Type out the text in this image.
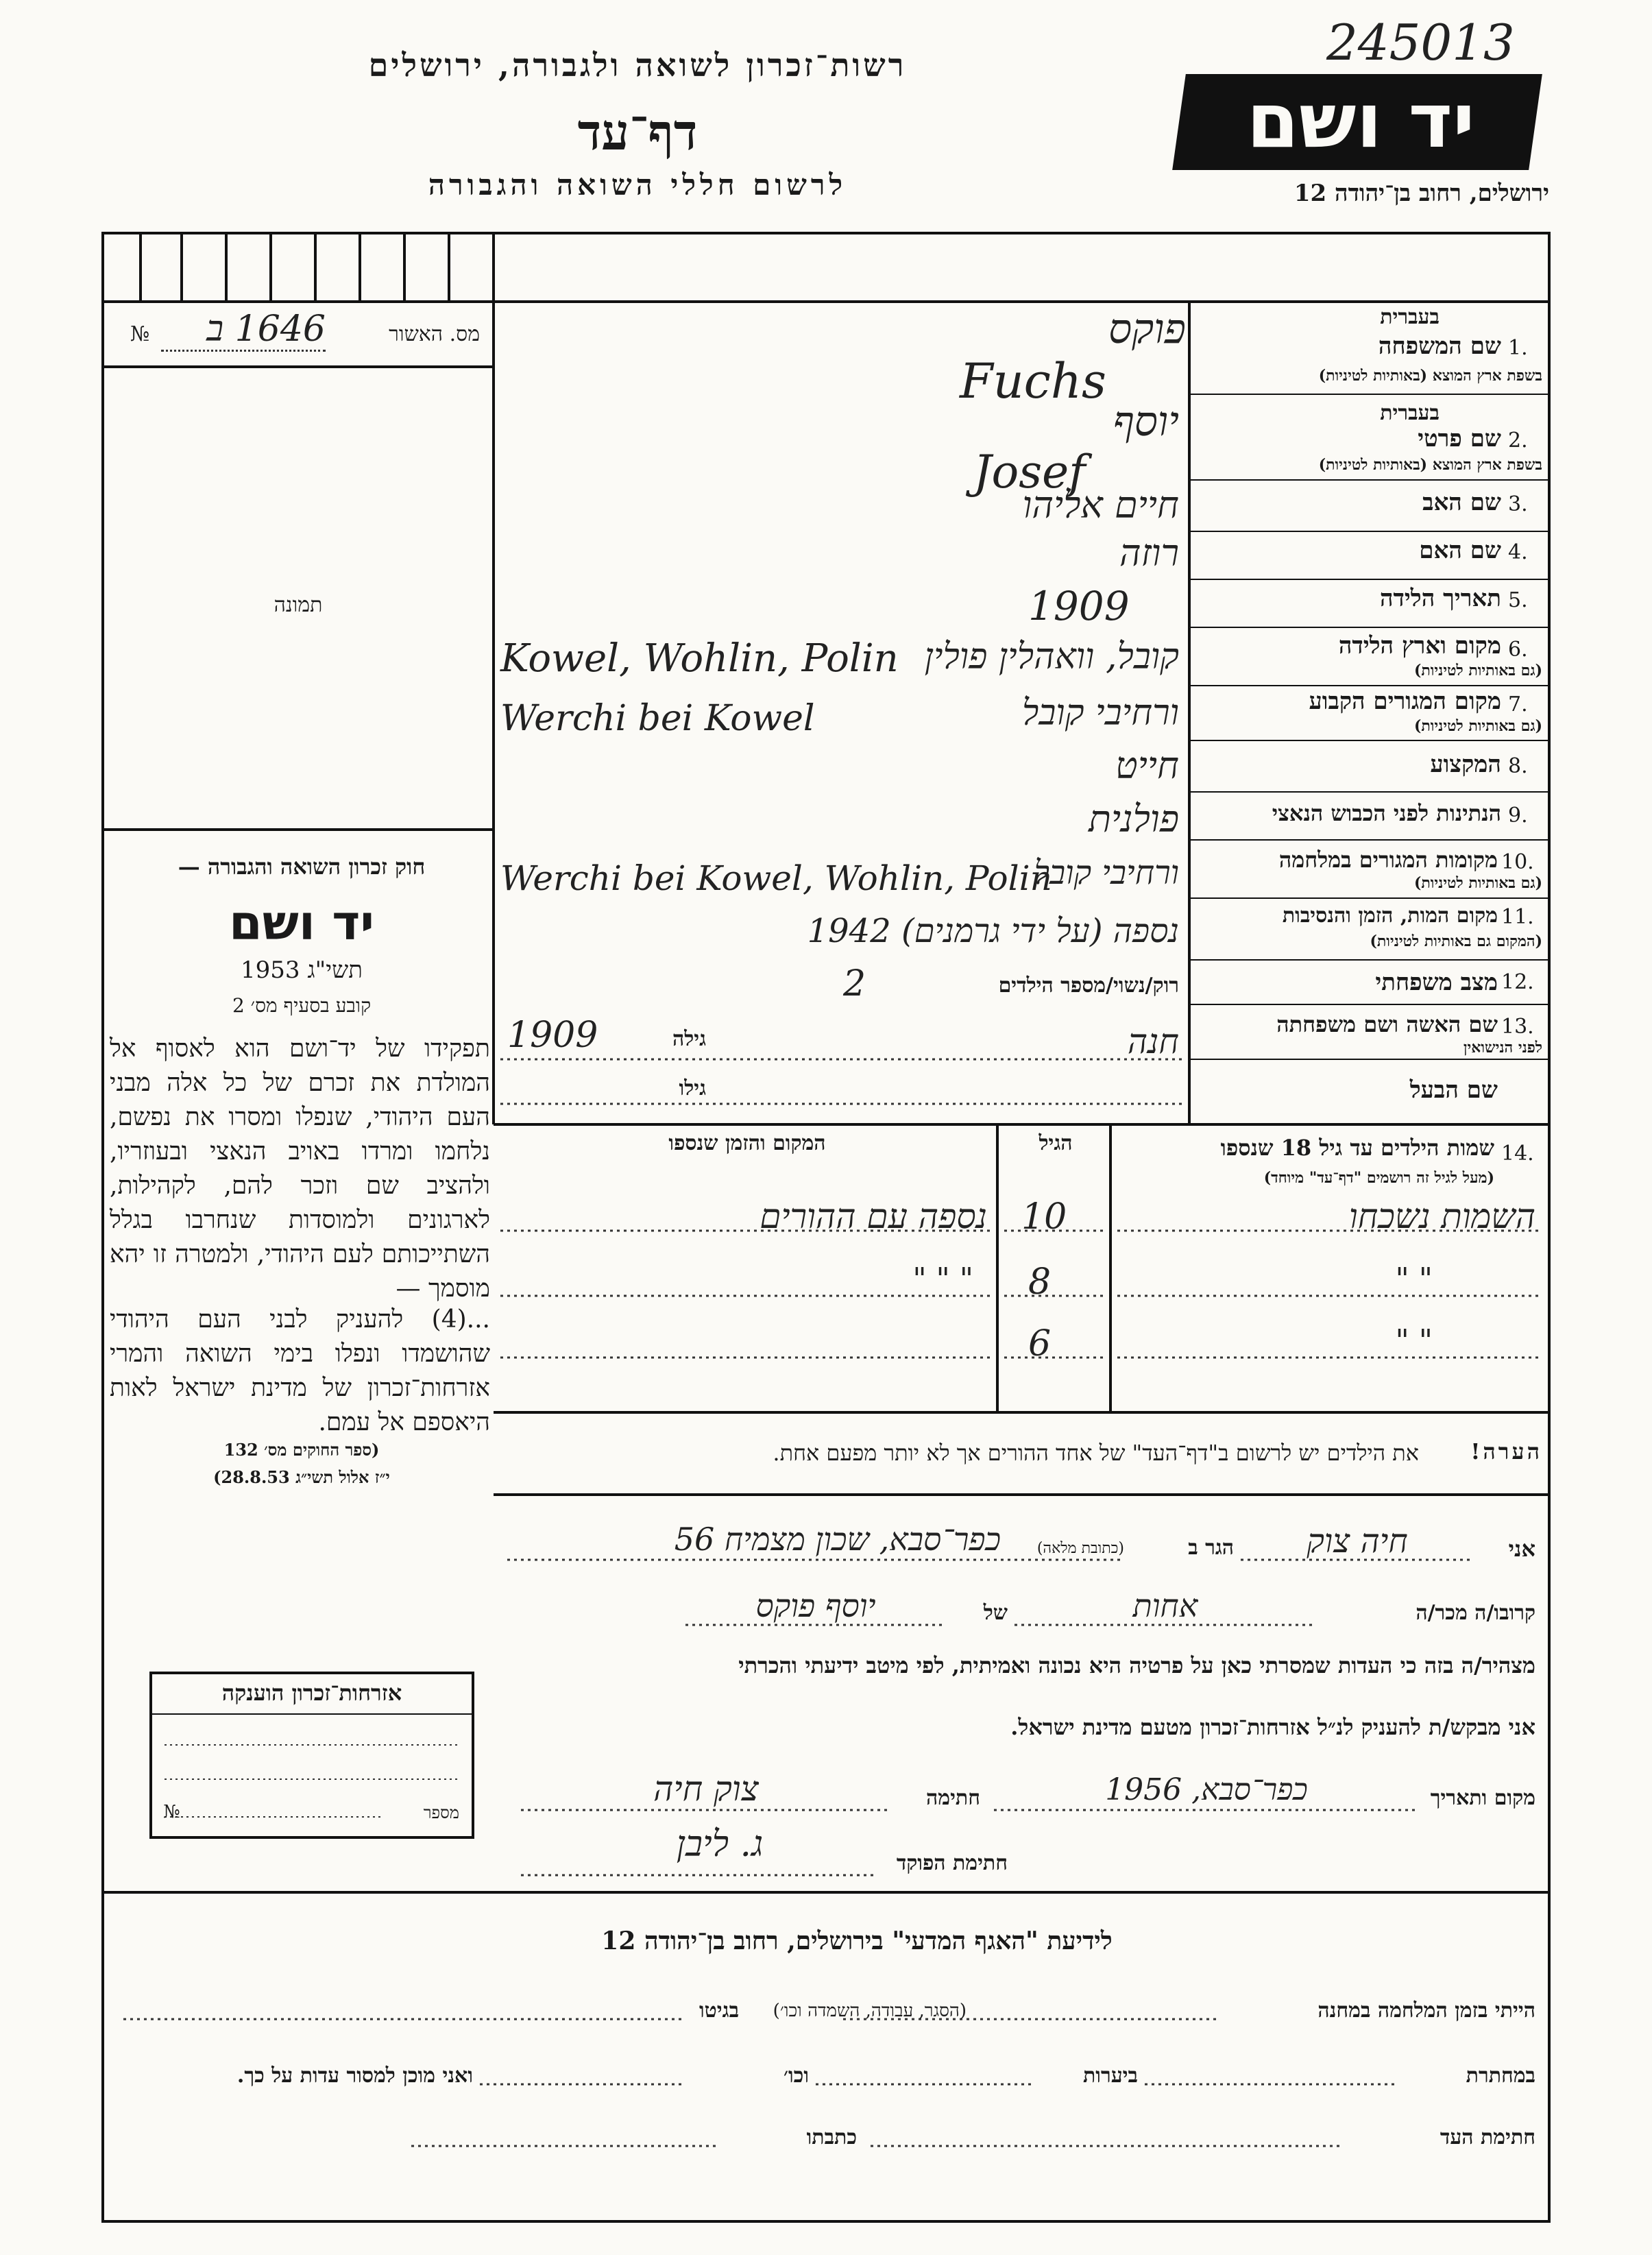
245013
רשות־זכרון לשואה ולגבורה, ירושלים
דף־עד
לרשום חללי השואה והגבורה
יד ושם
ירושלים, רחוב בן־יהודה 12
מס. האשור
№	1646 ב
תמונה
חוק זכרון השואה והגבורה —
יד ושם
תשי"ג 1953
קובע בסעיף מס׳ 2
תפקידו של יד־ושם הוא לאסוף אל המולדת את זכרם של כל אלה מבני העם היהודי, שנפלו ומסרו את נפשם, נלחמו ומרדו באויב הנאצי ובעוזריו, ולהציב שם וזכר להם, לקהילות, לארגונים ולמוסדות שנחרבו בגלל השתייכותם לעם היהודי, ולמטרה זו יהא מוסמך —
...(4) להעניק לבני העם היהודי שהושמדו ונפלו בימי השואה והמרי אזרחות־זכרון של מדינת ישראל לאות היאספם אל עמם.
(ספר החוקים מס׳ 132
י״ז אלול תשי״ג 28.8.53)
אזרחות־זכרון הוענקה
מספר
№
1.
בעברית
שם המשפחה
בשפת ארץ המוצא (באותיות לטיניות)
פוקס
Fuchs
2.
בעברית
שם פרטי
בשפת ארץ המוצא (באותיות לטיניות)
יוסף
Josef
3.
שם האב
חיים אליהו
4.
שם האם
רוזה
5.
תאריך הלידה
1909
6.
מקום וארץ הלידה
(גם באותיות לטיניות)
קובל, וואהלין פולין
Kowel, Wohlin, Polin
7.
מקום המגורים הקבוע
(גם באותיות לטיניות)
ורחיבי קובל
Werchi bei Kowel
8.
המקצוע
חייט
9.
הנתינות לפני הכבוש הנאצי
פולנית
10.
מקומות המגורים במלחמה
(גם באותיות לטיניות)
ורחיבי קובל
Werchi bei Kowel, Wohlin, Polin
11.
מקום המות, הזמן והנסיבות
(המקום גם באותיות לטיניות)
נספה (על ידי גרמנים) 1942
12.
מצב משפחתי
רוק/נשוי/מספר הילדים
2
13.
שם האשה ושם משפחתה
לפני הנישואין
חנה
גילה
1909
שם הבעל
גילו
14.
שמות הילדים עד גיל 18 שנספו
(מעל לגיל זה רושמים "דף־עד" מיוחד)
הגיל
המקום והזמן שנספו
השמות נשכחו
10
נספה עם ההורים
" "
8
" " "
" "
6
הערה!
את הילדים יש לרשום ב"דף־העד" של אחד ההורים אך לא יותר מפעם אחת.
אני
חיה צוק
הגר ב
(כתובת מלאה)
כפר־סבא, שכון מצמיח 56
קרובו/ה מכר/ה
אחות
של
יוסף פוקס
מצהיר/ה בזה כי העדות שמסרתי כאן על פרטיה היא נכונה ואמיתית, לפי מיטב ידיעתי והכרתי
אני מבקש/ת להעניק לנ״ל אזרחות־זכרון מטעם מדינת ישראל.
מקום ותאריך
כפר־סבא, 1956
חתימה
צוק חיה
חתימת הפוקד
ג. ליבן
לידיעת "האגף המדעי" בירושלים, רחוב בן־יהודה 12
הייתי בזמן המלחמה במחנה
(הסגר, עבודה, השמדה וכו׳)
בגיטו
במחתרת
ביערות
וכו׳
ואני מוכן למסור עדות על כך.
חתימת העד
כתבתו
